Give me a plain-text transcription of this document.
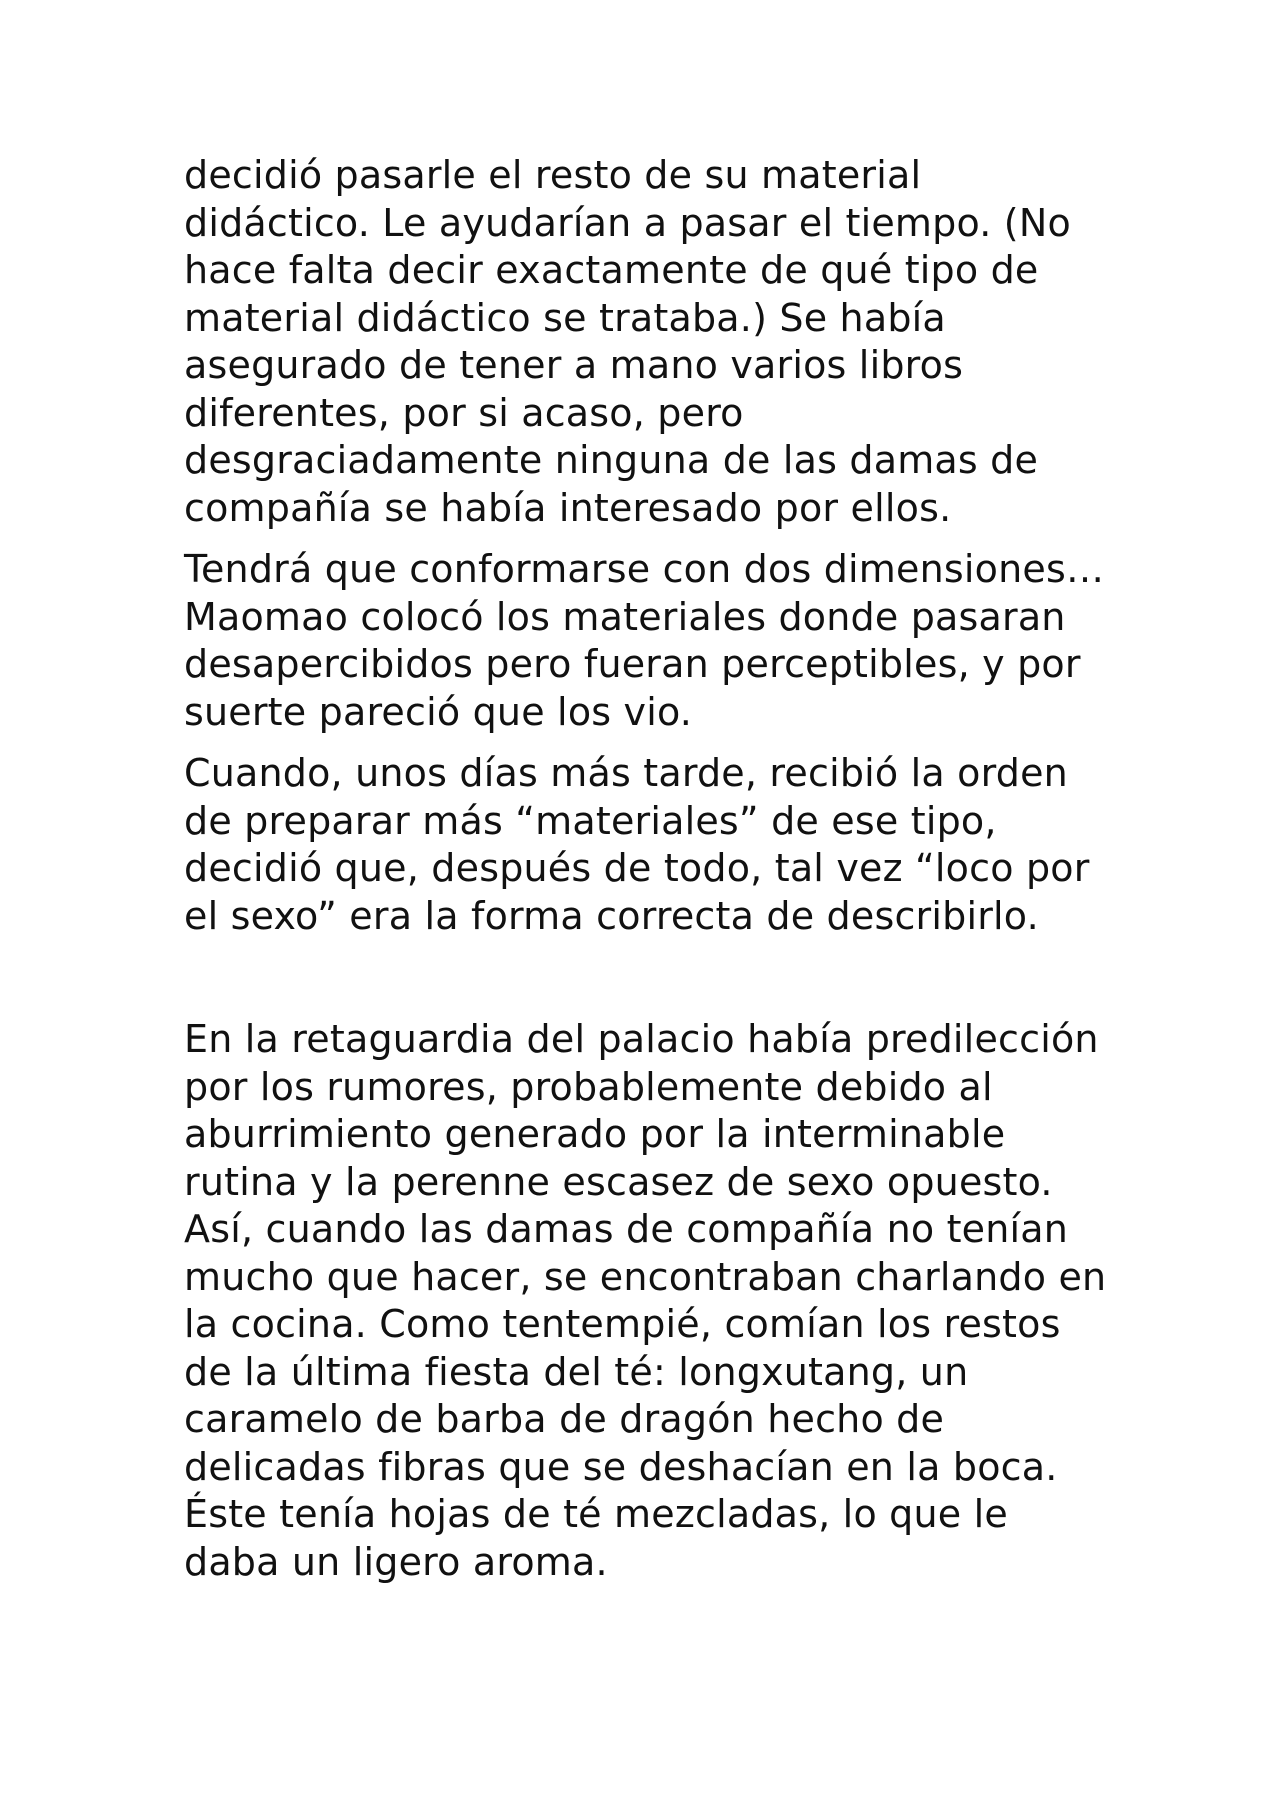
decidió pasarle el resto de su material didáctico. Le ayudarían a pasar el tiempo. (No hace falta decir exactamente de qué tipo de material didáctico se trataba.) Se había asegurado de tener a mano varios libros diferentes, por si acaso, pero desgraciadamente ninguna de las damas de compañía se había interesado por ellos.

Tendrá que conformarse con dos dimensiones… Maomao colocó los materiales donde pasaran desapercibidos pero fueran perceptibles, y por suerte pareció que los vio.

Cuando, unos días más tarde, recibió la orden de preparar más “materiales” de ese tipo, decidió que, después de todo, tal vez “loco por el sexo” era la forma correcta de describirlo.

En la retaguardia del palacio había predilección por los rumores, probablemente debido al aburrimiento generado por la interminable rutina y la perenne escasez de sexo opuesto. Así, cuando las damas de compañía no tenían mucho que hacer, se encontraban charlando en la cocina. Como tentempié, comían los restos de la última fiesta del té: longxutang, un caramelo de barba de dragón hecho de delicadas fibras que se deshacían en la boca. Éste tenía hojas de té mezcladas, lo que le daba un ligero aroma.
